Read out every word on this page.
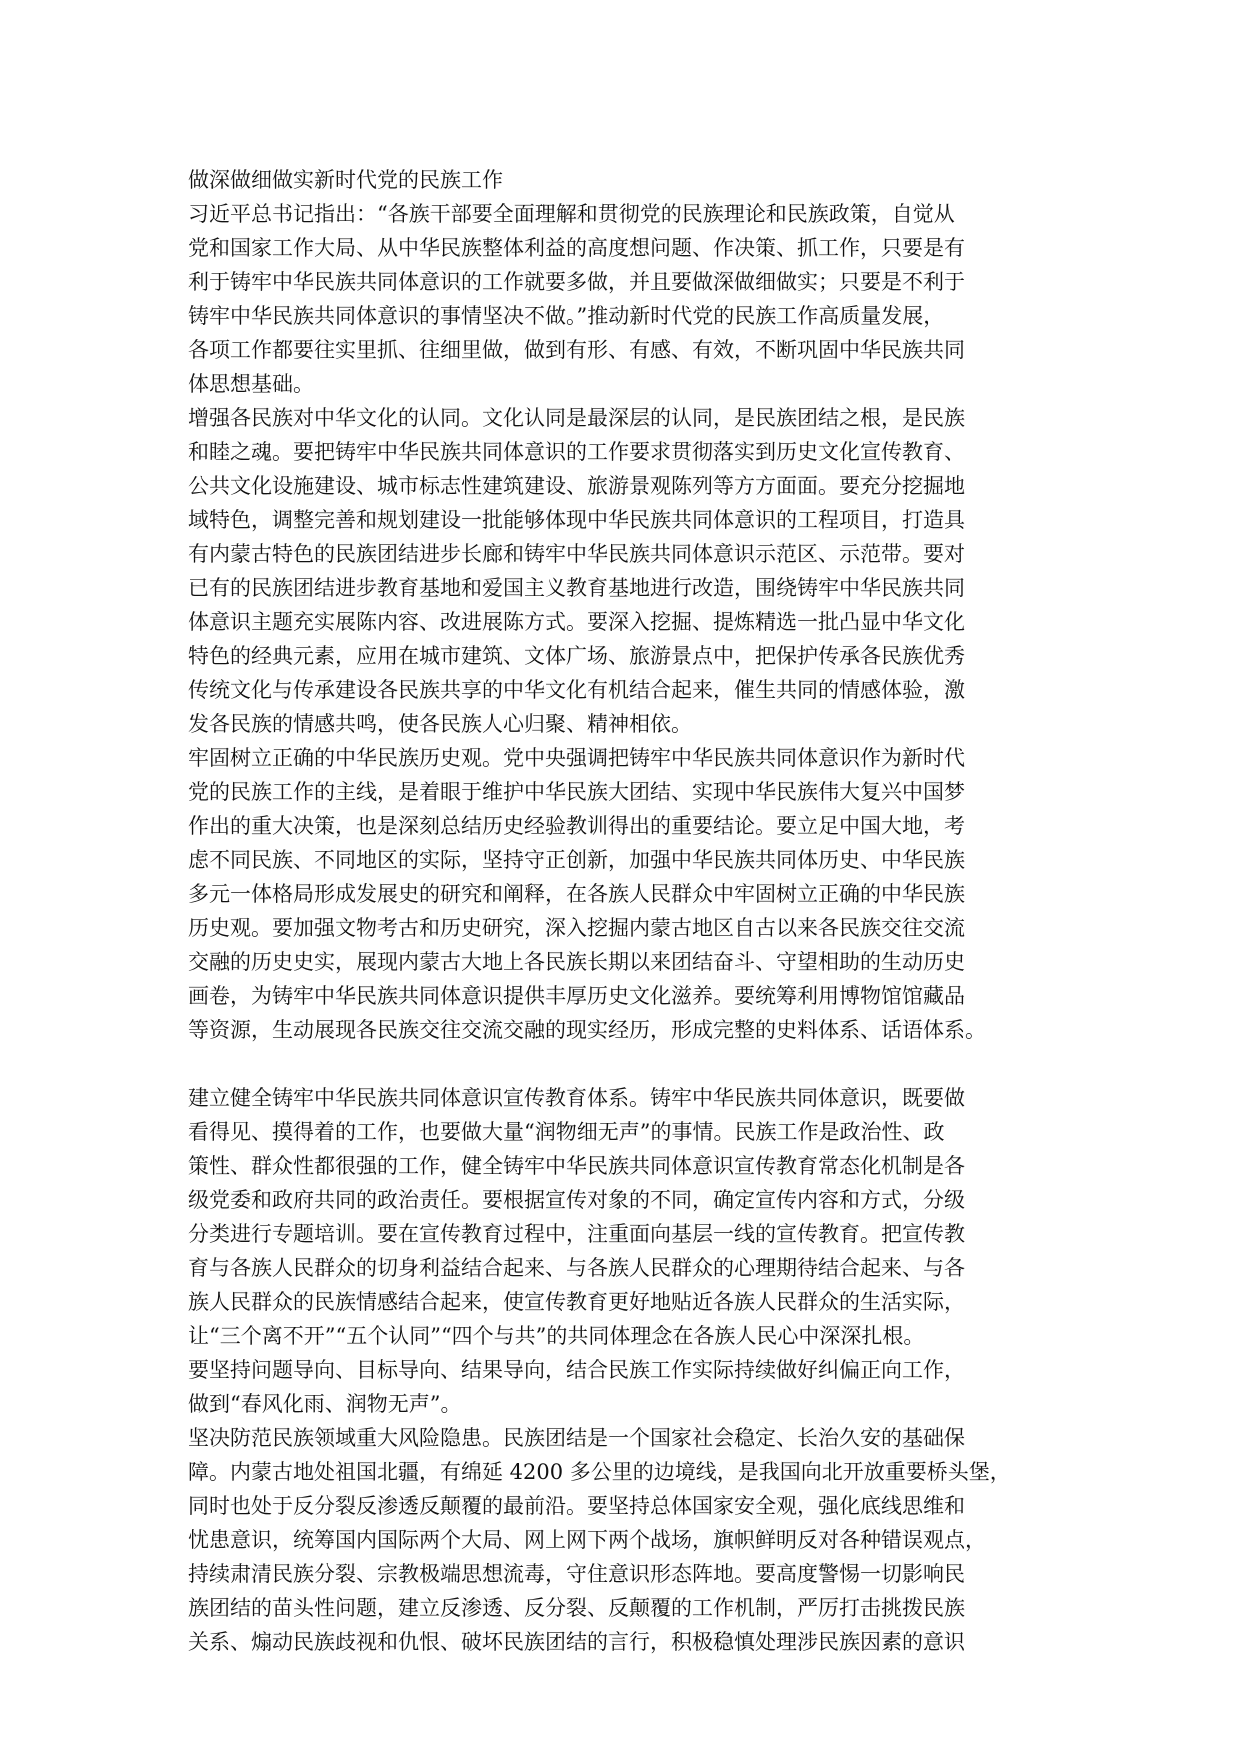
做深做细做实新时代党的民族工作
习近平总书记指出：“各族干部要全面理解和贯彻党的民族理论和民族政策，自觉从
党和国家工作大局、从中华民族整体利益的高度想问题、作决策、抓工作，只要是有
利于铸牢中华民族共同体意识的工作就要多做，并且要做深做细做实；只要是不利于
铸牢中华民族共同体意识的事情坚决不做。”推动新时代党的民族工作高质量发展，
各项工作都要往实里抓、往细里做，做到有形、有感、有效，不断巩固中华民族共同
体思想基础。
增强各民族对中华文化的认同。文化认同是最深层的认同，是民族团结之根，是民族
和睦之魂。要把铸牢中华民族共同体意识的工作要求贯彻落实到历史文化宣传教育、
公共文化设施建设、城市标志性建筑建设、旅游景观陈列等方方面面。要充分挖掘地
域特色，调整完善和规划建设一批能够体现中华民族共同体意识的工程项目，打造具
有内蒙古特色的民族团结进步长廊和铸牢中华民族共同体意识示范区、示范带。要对
已有的民族团结进步教育基地和爱国主义教育基地进行改造，围绕铸牢中华民族共同
体意识主题充实展陈内容、改进展陈方式。要深入挖掘、提炼精选一批凸显中华文化
特色的经典元素，应用在城市建筑、文体广场、旅游景点中，把保护传承各民族优秀
传统文化与传承建设各民族共享的中华文化有机结合起来，催生共同的情感体验，激
发各民族的情感共鸣，使各民族人心归聚、精神相依。
牢固树立正确的中华民族历史观。党中央强调把铸牢中华民族共同体意识作为新时代
党的民族工作的主线，是着眼于维护中华民族大团结、实现中华民族伟大复兴中国梦
作出的重大决策，也是深刻总结历史经验教训得出的重要结论。要立足中国大地，考
虑不同民族、不同地区的实际，坚持守正创新，加强中华民族共同体历史、中华民族
多元一体格局形成发展史的研究和阐释，在各族人民群众中牢固树立正确的中华民族
历史观。要加强文物考古和历史研究，深入挖掘内蒙古地区自古以来各民族交往交流
交融的历史史实，展现内蒙古大地上各民族长期以来团结奋斗、守望相助的生动历史
画卷，为铸牢中华民族共同体意识提供丰厚历史文化滋养。要统筹利用博物馆馆藏品
等资源，生动展现各民族交往交流交融的现实经历，形成完整的史料体系、话语体系。
建立健全铸牢中华民族共同体意识宣传教育体系。铸牢中华民族共同体意识，既要做
看得见、摸得着的工作，也要做大量“润物细无声”的事情。民族工作是政治性、政
策性、群众性都很强的工作，健全铸牢中华民族共同体意识宣传教育常态化机制是各
级党委和政府共同的政治责任。要根据宣传对象的不同，确定宣传内容和方式，分级
分类进行专题培训。要在宣传教育过程中，注重面向基层一线的宣传教育。把宣传教
育与各族人民群众的切身利益结合起来、与各族人民群众的心理期待结合起来、与各
族人民群众的民族情感结合起来，使宣传教育更好地贴近各族人民群众的生活实际，
让“三个离不开”“五个认同”“四个与共”的共同体理念在各族人民心中深深扎根。
要坚持问题导向、目标导向、结果导向，结合民族工作实际持续做好纠偏正向工作，
做到“春风化雨、润物无声”。
坚决防范民族领域重大风险隐患。民族团结是一个国家社会稳定、长治久安的基础保
障。内蒙古地处祖国北疆，有绵延 4200 多公里的边境线，是我国向北开放重要桥头堡，
同时也处于反分裂反渗透反颠覆的最前沿。要坚持总体国家安全观，强化底线思维和
忧患意识，统筹国内国际两个大局、网上网下两个战场，旗帜鲜明反对各种错误观点，
持续肃清民族分裂、宗教极端思想流毒，守住意识形态阵地。要高度警惕一切影响民
族团结的苗头性问题，建立反渗透、反分裂、反颠覆的工作机制，严厉打击挑拨民族
关系、煽动民族歧视和仇恨、破坏民族团结的言行，积极稳慎处理涉民族因素的意识
